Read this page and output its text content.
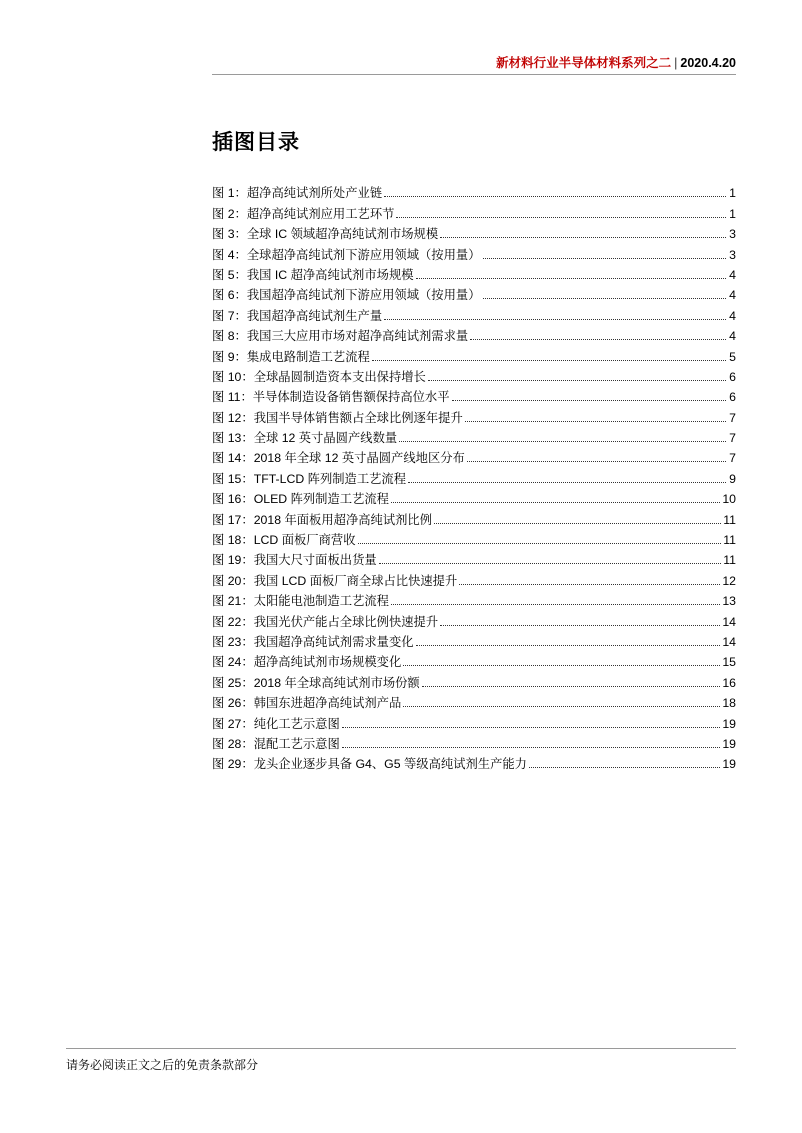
新材料行业半导体材料系列之二 | 2020.4.20
插图目录
图 1：超净高纯试剂所处产业链	1
图 2：超净高纯试剂应用工艺环节	1
图 3：全球 IC 领域超净高纯试剂市场规模	3
图 4：全球超净高纯试剂下游应用领域（按用量）	3
图 5：我国 IC 超净高纯试剂市场规模	4
图 6：我国超净高纯试剂下游应用领域（按用量）	4
图 7：我国超净高纯试剂生产量	4
图 8：我国三大应用市场对超净高纯试剂需求量	4
图 9：集成电路制造工艺流程	5
图 10：全球晶圆制造资本支出保持增长	6
图 11：半导体制造设备销售额保持高位水平	6
图 12：我国半导体销售额占全球比例逐年提升	7
图 13：全球 12 英寸晶圆产线数量	7
图 14：2018 年全球 12 英寸晶圆产线地区分布	7
图 15：TFT-LCD 阵列制造工艺流程	9
图 16：OLED 阵列制造工艺流程	10
图 17：2018 年面板用超净高纯试剂比例	11
图 18：LCD 面板厂商营收	11
图 19：我国大尺寸面板出货量	11
图 20：我国 LCD 面板厂商全球占比快速提升	12
图 21：太阳能电池制造工艺流程	13
图 22：我国光伏产能占全球比例快速提升	14
图 23：我国超净高纯试剂需求量变化	14
图 24：超净高纯试剂市场规模变化	15
图 25：2018 年全球高纯试剂市场份额	16
图 26：韩国东进超净高纯试剂产品	18
图 27：纯化工艺示意图	19
图 28：混配工艺示意图	19
图 29：龙头企业逐步具备 G4、G5 等级高纯试剂生产能力	19
请务必阅读正文之后的免责条款部分
